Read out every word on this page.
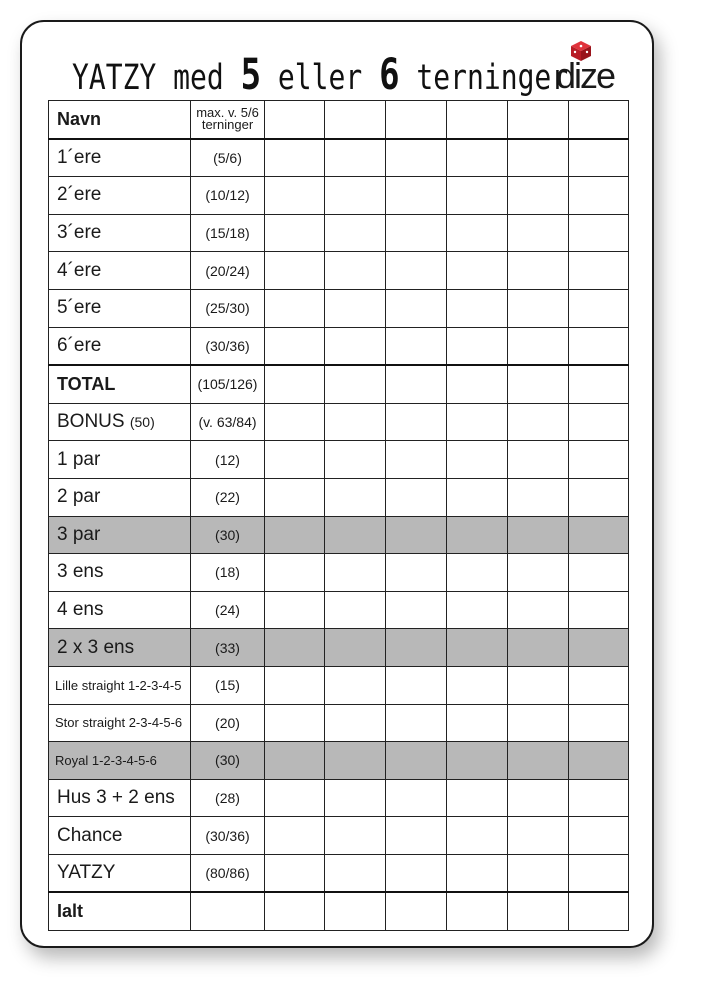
YATZY med 5 eller 6 terninger
dize
Navn	max. v. 5/6
terninger						

1´ere	(5/6)						
2´ere	(10/12)						
3´ere	(15/18)						
4´ere	(20/24)						
5´ere	(25/30)						
6´ere	(30/36)						
TOTAL	(105/126)						
BONUS (50)	(v. 63/84)						
1 par	(12)						
2 par	(22)						
3 par	(30)						
3 ens	(18)						
4 ens	(24)						
2 x 3 ens	(33)						
Lille straight 1-2-3-4-5	(15)						
Stor straight 2-3-4-5-6	(20)						
Royal 1-2-3-4-5-6	(30)						
Hus 3 + 2 ens	(28)						
Chance	(30/36)						
YATZY	(80/86)						
Ialt							
